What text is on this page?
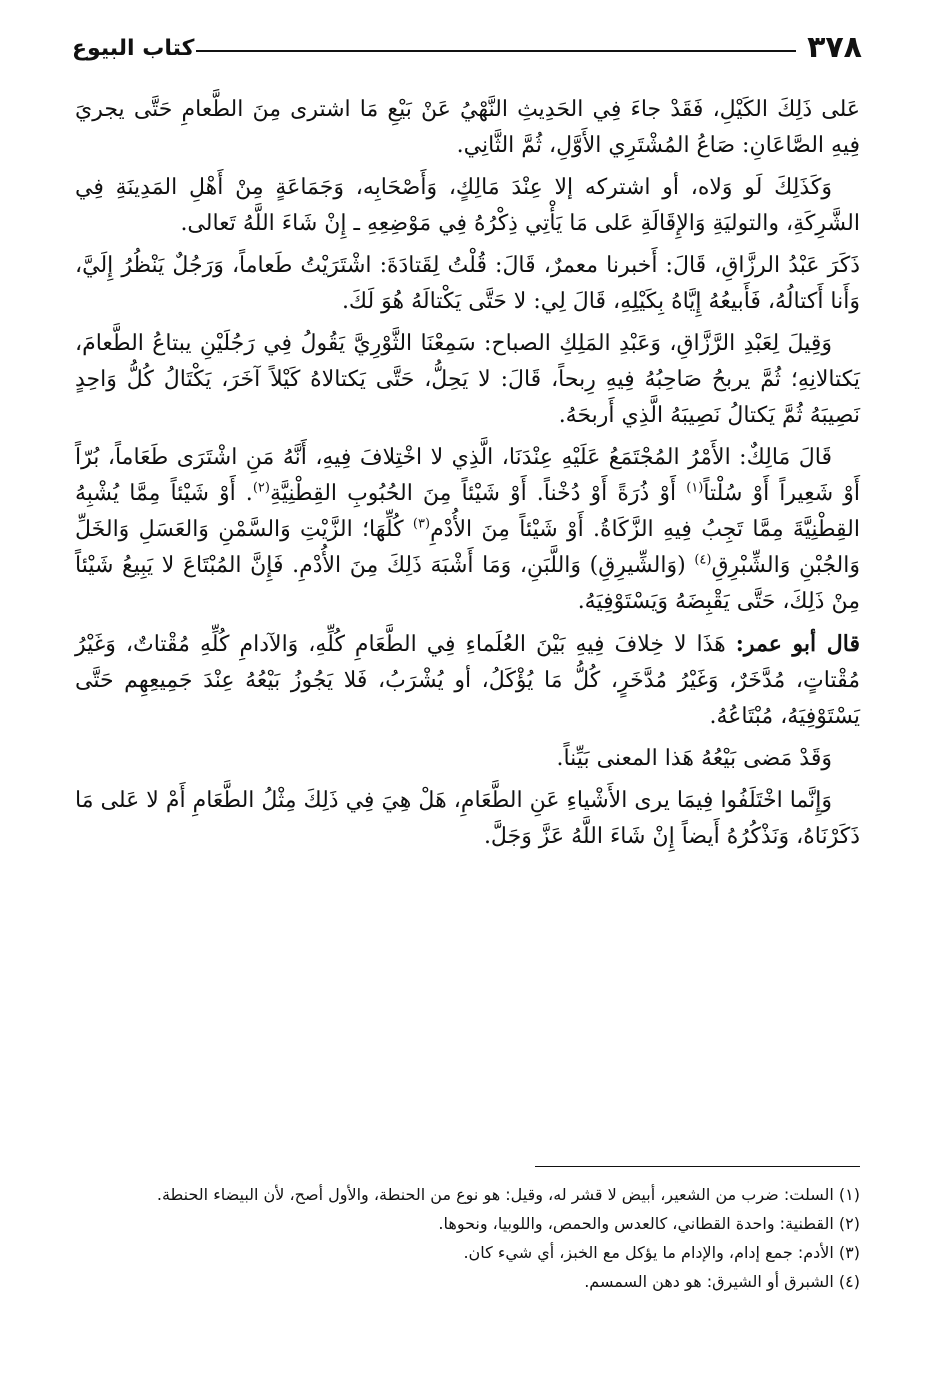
٣٧٨
كتاب البيوع

عَلى ذَلِكَ الكَيْلِ، فَقَدْ جاءَ فِي الحَدِيثِ النَّهْيُ عَنْ بَيْعِ مَا اشترى مِنَ الطَّعامِ حَتَّى يجريَ فِيهِ الصَّاعَانِ: صَاعُ المُشْتَرِي الأَوَّلِ، ثُمَّ الثَّانِي.

وَكَذَلِكَ لَو وَلاه، أو اشتركه إلا عِنْدَ مَالِكٍ، وَأَصْحَابِه، وَجَمَاعَةٍ مِنْ أَهْلِ المَدِينَةِ فِي الشَّرِكَةِ، والتوليَةِ وَالإِقَالَةِ عَلى مَا يَأْتِي ذِكْرُهُ فِي مَوْضِعِهِ ـ إِنْ شَاءَ اللَّهُ تَعالى.

ذَكَرَ عَبْدُ الرزَّاقِ، قَالَ: أَخبرنا معمرٌ، قَالَ: قُلْتُ لِقَتادَةَ: اشْتَرَيْتُ طَعاماً، وَرَجُلٌ يَنْظُرُ إِلَيَّ، وَأَنا أَكتالُهُ، فَأَبيعُهُ إِيَّاهُ بِكَيْلِهِ، قَالَ لِي: لا حَتَّى يَكْتالَهُ هُوَ لَكَ.

وَقِيلَ لِعَبْدِ الرَّزَّاقِ، وَعَبْدِ المَلِكِ الصباح: سَمِعْنَا الثَّوْرِيَّ يَقُولُ فِي رَجُلَيْنِ يبتاعُ الطَّعامَ، يَكتالانِهِ؛ ثُمَّ يربحُ صَاحِبُهُ فِيهِ رِبحاً، قَالَ: لا يَحِلُّ، حَتَّى يَكتالاهُ كَيْلاً آخَرَ، يَكْتَالُ كُلُّ وَاحِدٍ نَصِيبَهُ ثُمَّ يَكتالُ نَصِيبَهُ الَّذِي أَربحَهُ.

قَالَ مَالِكٌ: الأَمْرُ المُجْتَمَعُ عَلَيْهِ عِنْدَنَا، الَّذِي لا اخْتِلافَ فِيهِ، أَنَّهُ مَنِ اشْتَرَى طَعَاماً، بُرّاً أَوْ شَعِيراً أَوْ سُلْتاً$^{(١)}$ أَوْ ذُرَةً أَوْ دُخْناً. أَوْ شَيْئاً مِنَ الحُبُوبِ القِطْنِيَّةِ$^{(٢)}$. أَوْ شَيْئاً مِمَّا يُشْبِهُ القِطْنِيَّةَ مِمَّا تَجِبُ فِيهِ الزَّكَاةُ. أَوْ شَيْئاً مِنَ الأُدْمِ$^{(٣)}$ كُلِّهَا؛ الزَّيْتِ وَالسَّمْنِ وَالعَسَلِ وَالخَلِّ وَالجُبْنِ وَالشِّبْرِقِ$^{(٤)}$ (وَالشِّيرِقِ) وَاللَّبَنِ، وَمَا أَشْبَهَ ذَلِكَ مِنَ الأُدْمِ. فَإِنَّ المُبْتَاعَ لا يَبِيعُ شَيْئاً مِنْ ذَلِكَ، حَتَّى يَقْبِضَهُ وَيَسْتَوْفِيَهُ.

قال أبو عمر: هَذَا لا خِلافَ فِيهِ بَيْنَ العُلَماءِ فِي الطَّعَامِ كُلِّهِ، وَالآدامِ كُلِّهِ مُقْتاتٌ، وَغَيْرُ مُقْتاتٍ، مُدَّخَرٌ، وَغَيْرُ مُدَّخَرٍ، كُلُّ مَا يُؤْكَلُ، أو يُشْرَبُ، فَلا يَجُوزُ بَيْعُهُ عِنْدَ جَمِيعِهِم حَتَّى يَسْتَوْفِيَهُ، مُبْتَاعُهُ.

وَقَدْ مَضى بَيْعُهُ هَذا المعنى بَيِّناً.

وَإِنَّما اخْتَلَفُوا فِيمَا يرى الأَشْياءِ عَنِ الطَّعَامِ، هَلْ هِيَ فِي ذَلِكَ مِثْلُ الطَّعَامِ أَمْ لا عَلى مَا ذَكَرْنَاهُ، وَنَذْكُرُهُ أَيضاً إِنْ شَاءَ اللَّهُ عَزَّ وَجَلَّ.

(١) السلت: ضرب من الشعير، أبيض لا قشر له، وقيل: هو نوع من الحنطة، والأول أصح، لأن البيضاء الحنطة.

(٢) القطنية: واحدة القطاني، كالعدس والحمص، واللوبيا، ونحوها.

(٣) الأدم: جمع إدام، والإدام ما يؤكل مع الخبز، أي شيء كان.

(٤) الشبرق أو الشيرق: هو دهن السمسم.
